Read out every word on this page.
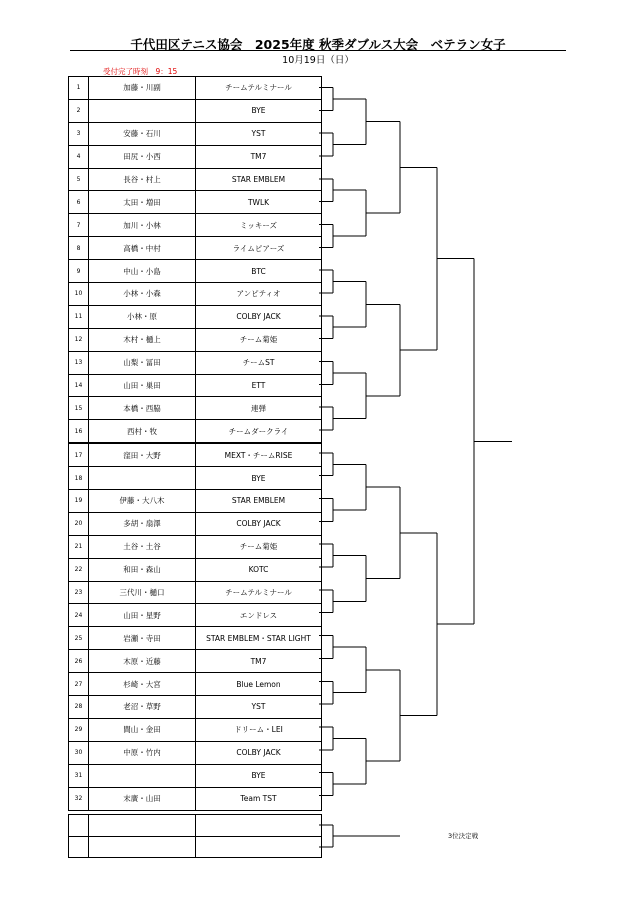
千代田区テニス協会　2025年度 秋季ダブルス大会　ベテラン女子
10月19日（日）
受付完了時刻　9：15
1	加藤・川副	チームテルミナール
2		BYE
3	安藤・石川	YST
4	田尻・小西	TM7
5	長谷・村上	STAR EMBLEM
6	太田・増田	TWLK
7	加川・小林	ミッキーズ
8	高橋・中村	ライムピアーズ
9	中山・小島	BTC
10	小林・小森	アンピティオ
11	小林・原	COLBY JACK
12	木村・樋上	チーム菊姫
13	山梨・冨田	チームST
14	山田・巣田	ETT
15	本橋・西脇	連弾
16	西村・牧	チームダークライ
17	窪田・大野	MEXT・チームRISE
18		BYE
19	伊藤・大八木	STAR EMBLEM
20	多胡・扇澤	COLBY JACK
21	土谷・土谷	チーム菊姫
22	和田・森山	KOTC
23	三代川・樋口	チームテルミナール
24	山田・星野	エンドレス
25	岩瀬・寺田	STAR EMBLEM・STAR LIGHT
26	木原・近藤	TM7
27	杉崎・大宮	Blue Lemon
28	老沼・草野	YST
29	間山・金田	ドリーム・LEI
30	中原・竹内	COLBY JACK
31		BYE
32	末廣・山田	Team TST

3位決定戦
